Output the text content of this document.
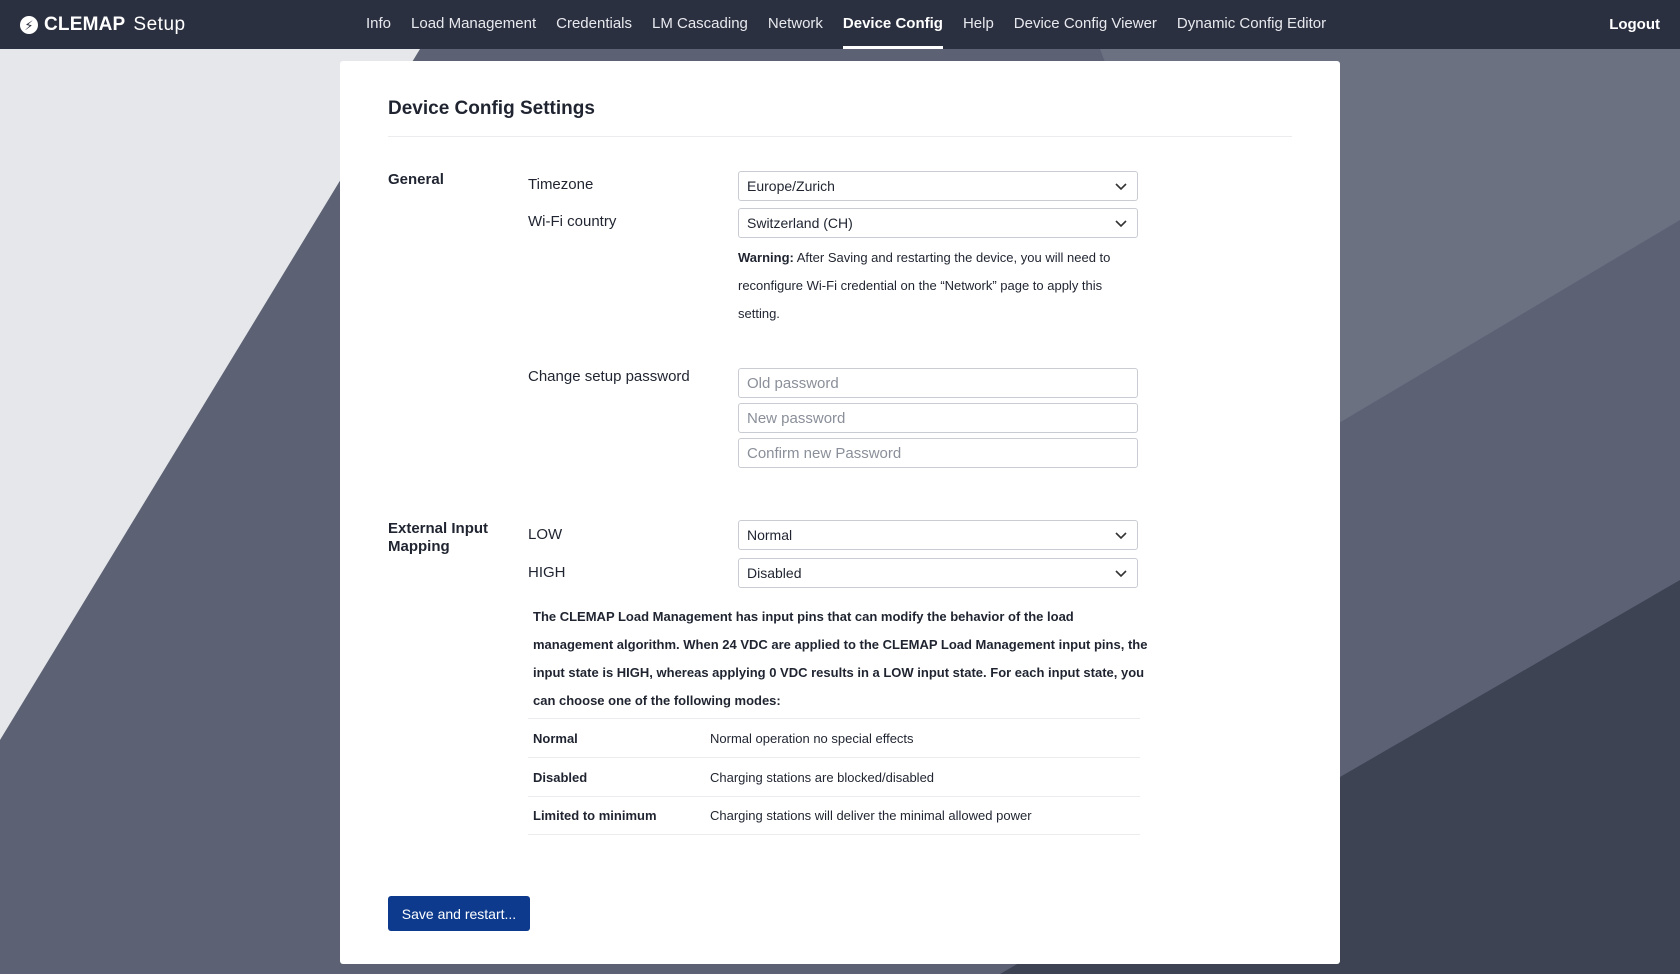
⚡ CLEMAP Setup	Info Load Management Credentials LM Cascading Network Device Config Help Device Config Viewer Dynamic Config Editor	Logout
Device Config Settings
General	Timezone	Europe/Zurich
Wi-Fi country	Switzerland (CH)
Warning: After Saving and restarting the device, you will need to reconfigure Wi-Fi credential on the “Network” page to apply this setting.
Change setup password
External Input Mapping
LOW	Normal
HIGH	Disabled
The CLEMAP Load Management has input pins that can modify the behavior of the load management algorithm. When 24 VDC are applied to the CLEMAP Load Management input pins, the input state is HIGH, whereas applying 0 VDC results in a LOW input state. For each input state, you can choose one of the following modes:
Normal	Normal operation no special effects
Disabled	Charging stations are blocked/disabled
Limited to minimum	Charging stations will deliver the minimal allowed power
Save and restart...
